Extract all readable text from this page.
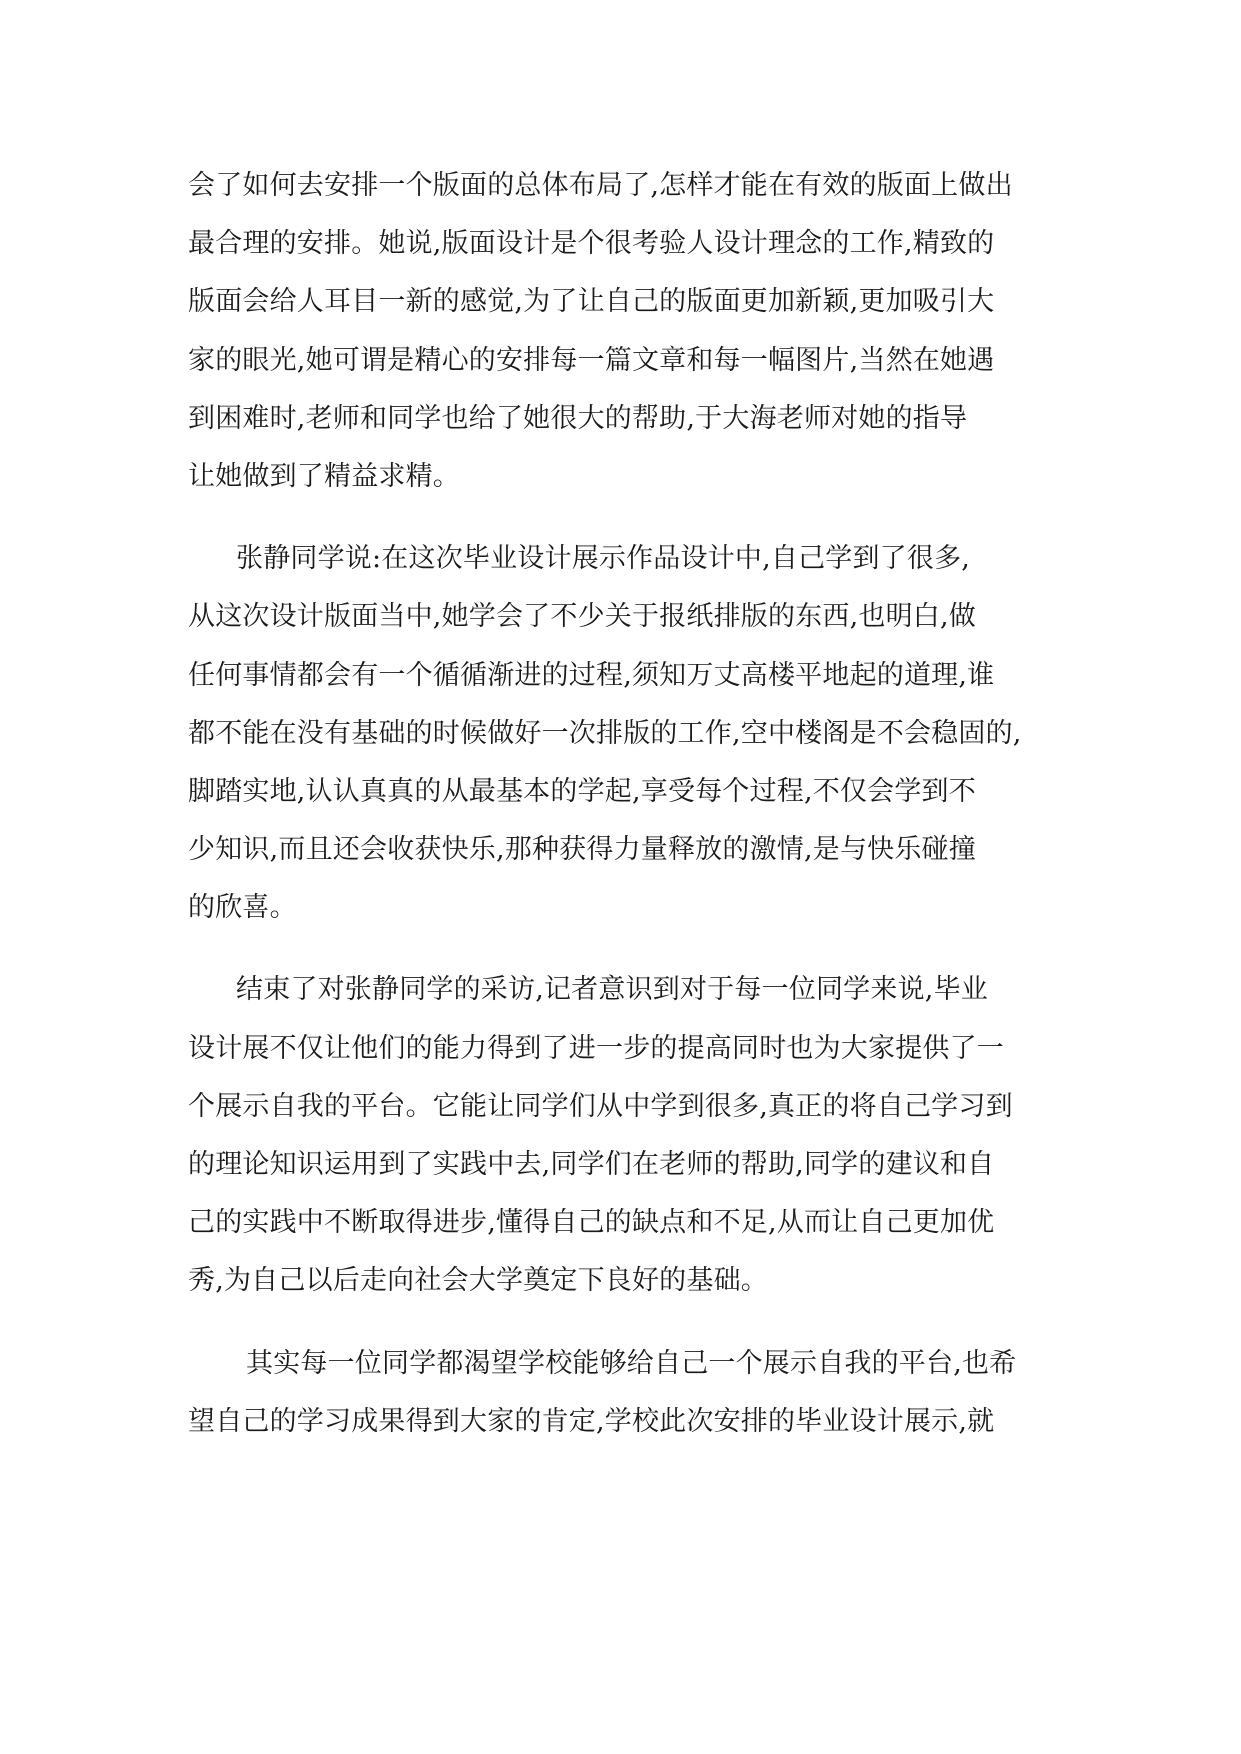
会了如何去安排一个版面的总体布局了,怎样才能在有效的版面上做出
最合理的安排。她说,版面设计是个很考验人设计理念的工作,精致的
版面会给人耳目一新的感觉,为了让自己的版面更加新颖,更加吸引大
家的眼光,她可谓是精心的安排每一篇文章和每一幅图片,当然在她遇
到困难时,老师和同学也给了她很大的帮助,于大海老师对她的指导
让她做到了精益求精。
张静同学说:在这次毕业设计展示作品设计中,自己学到了很多,
从这次设计版面当中,她学会了不少关于报纸排版的东西,也明白,做
任何事情都会有一个循循渐进的过程,须知万丈高楼平地起的道理,谁
都不能在没有基础的时候做好一次排版的工作,空中楼阁是不会稳固的,
脚踏实地,认认真真的从最基本的学起,享受每个过程,不仅会学到不
少知识,而且还会收获快乐,那种获得力量释放的激情,是与快乐碰撞
的欣喜。
结束了对张静同学的采访,记者意识到对于每一位同学来说,毕业
设计展不仅让他们的能力得到了进一步的提高同时也为大家提供了一
个展示自我的平台。它能让同学们从中学到很多,真正的将自己学习到
的理论知识运用到了实践中去,同学们在老师的帮助,同学的建议和自
己的实践中不断取得进步,懂得自己的缺点和不足,从而让自己更加优
秀,为自己以后走向社会大学奠定下良好的基础。
其实每一位同学都渴望学校能够给自己一个展示自我的平台,也希
望自己的学习成果得到大家的肯定,学校此次安排的毕业设计展示,就
